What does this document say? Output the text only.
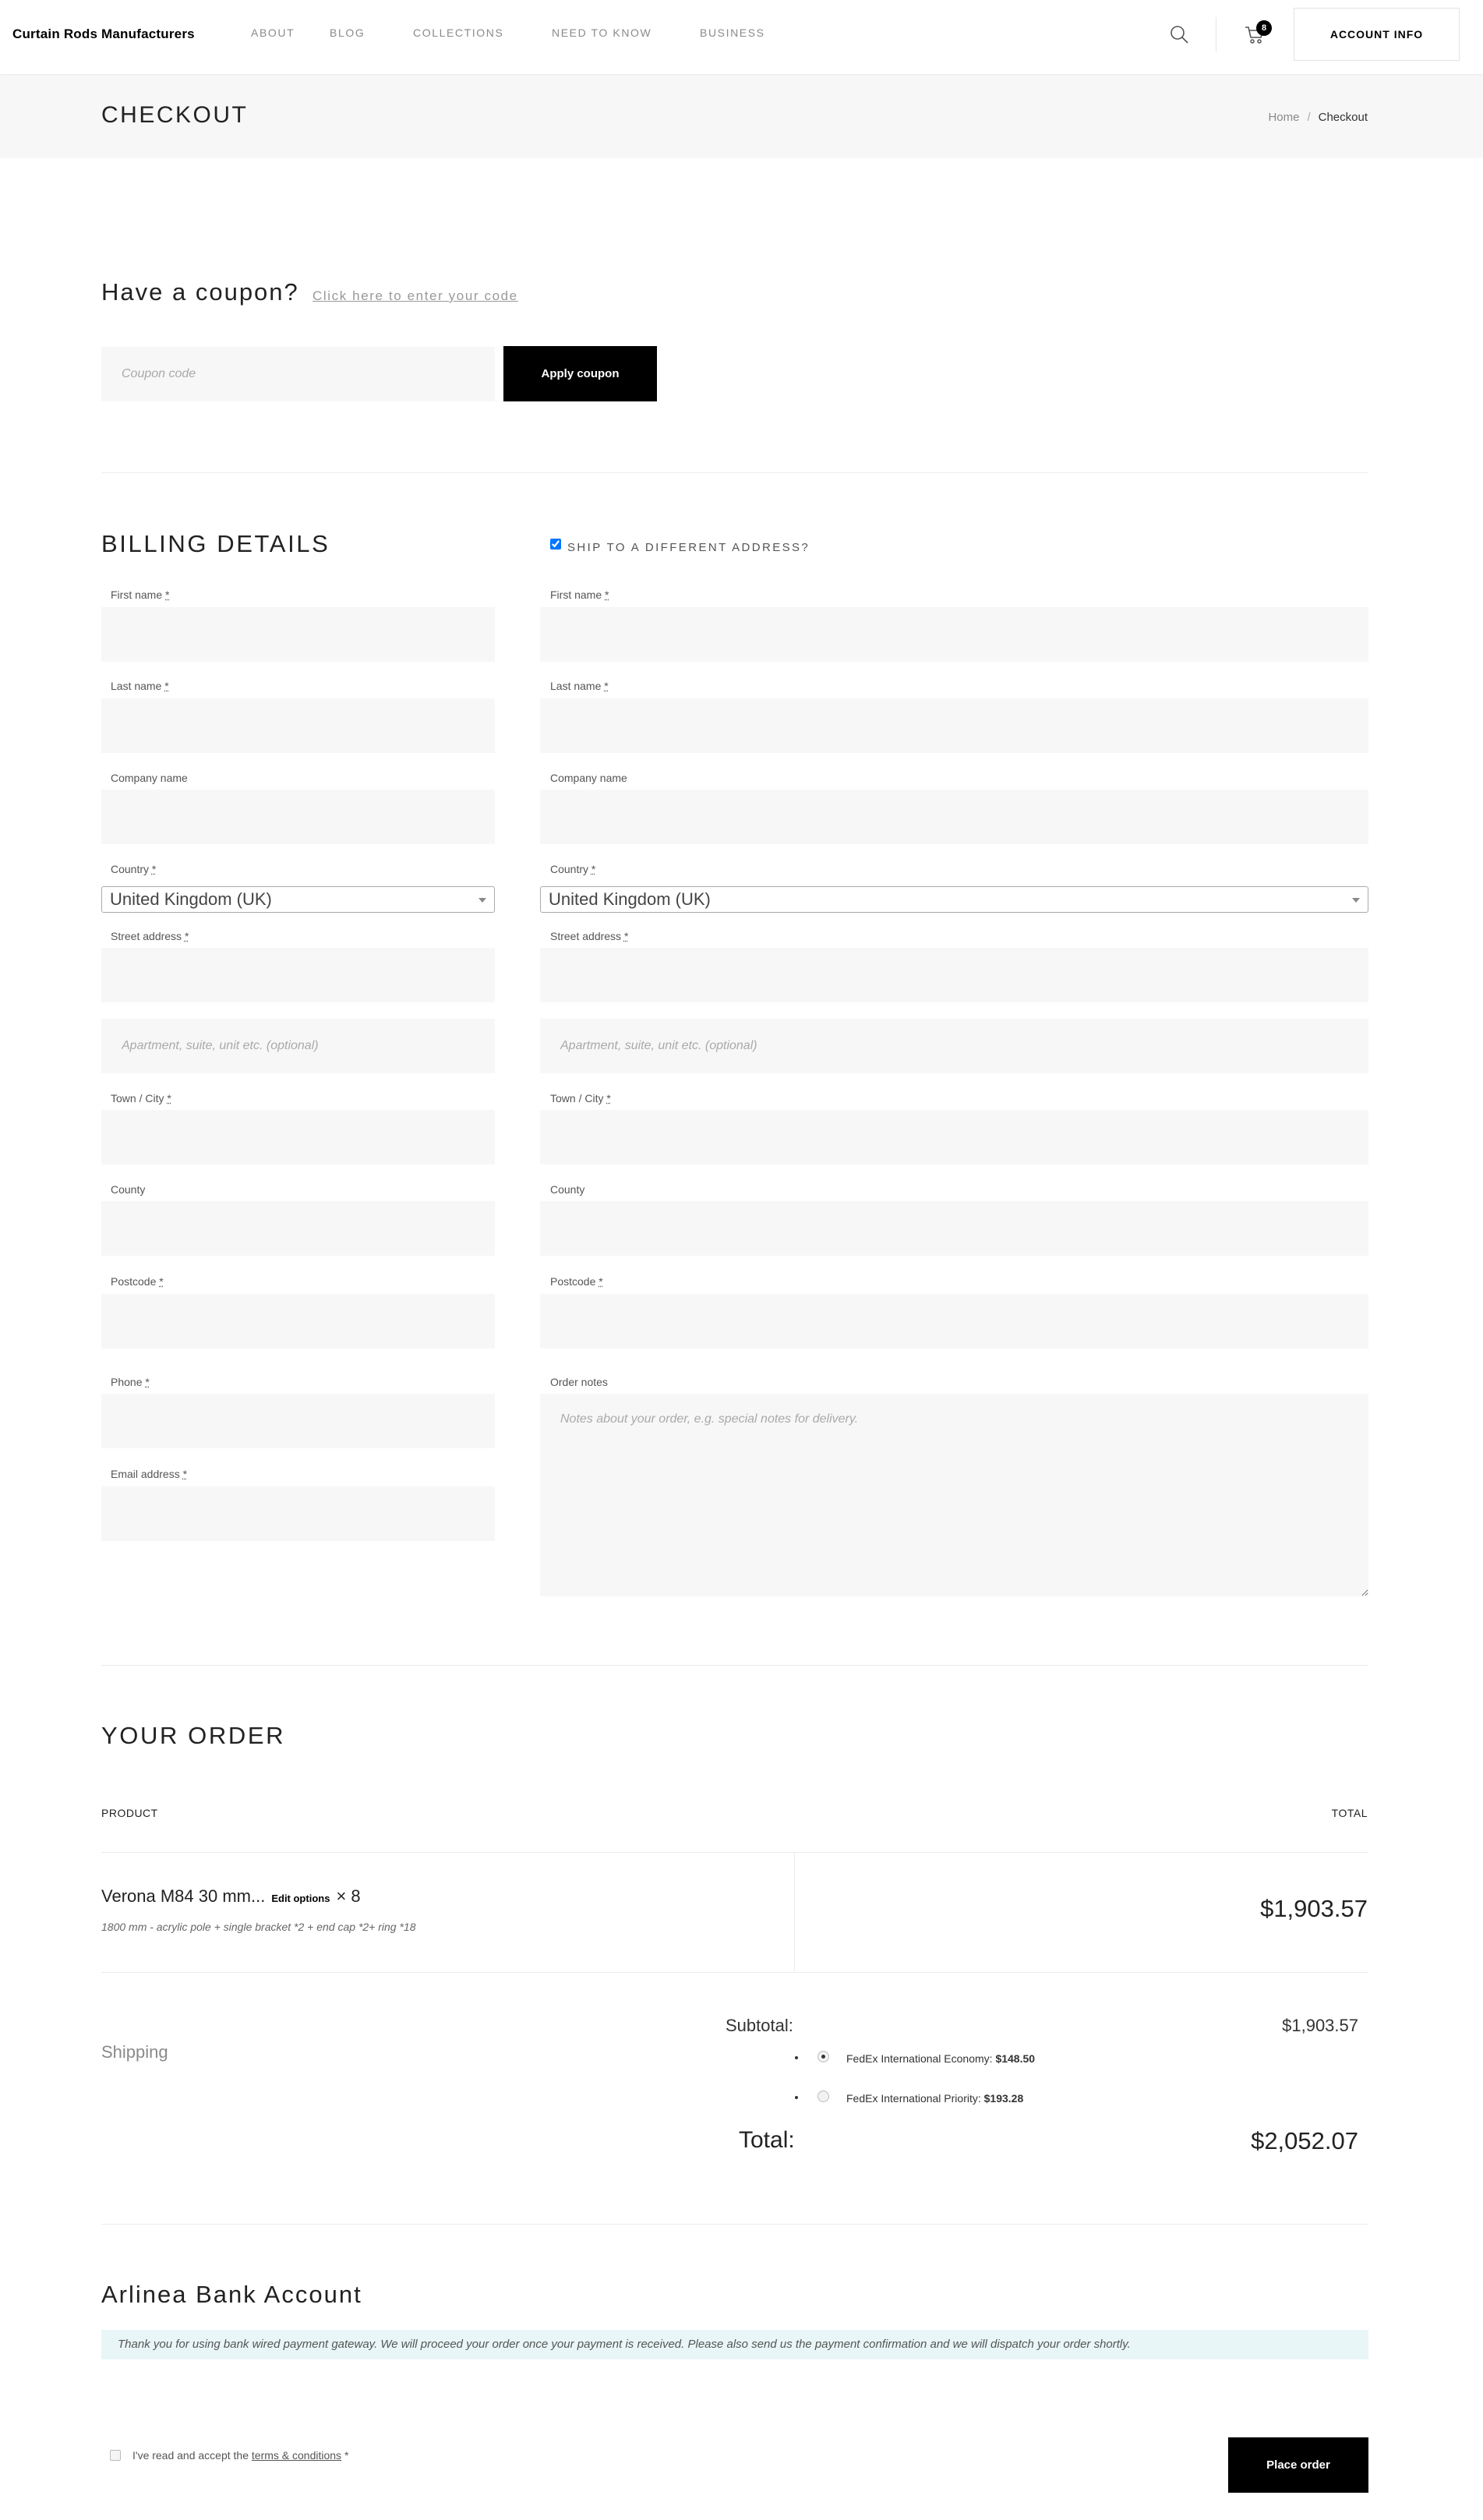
Curtain Rods Manufacturers	ABOUT	BLOG	COLLECTIONS	NEED TO KNOW	BUSINESS	8	ACCOUNT INFO
CHECKOUT	Home / Checkout
Have a coupon? Click here to enter your code
Coupon code
Apply coupon
BILLING DETAILS	SHIP TO A DIFFERENT ADDRESS?
First name *
Last name *
Company name
Country *
United Kingdom (UK)
Street address *
Apartment, suite, unit etc. (optional)
Town / City *
County
Postcode *
Phone *
Email address *
First name *
Last name *
Company name
Country *
United Kingdom (UK)
Street address *
Apartment, suite, unit etc. (optional)
Town / City *
County
Postcode *
Order notes
Notes about your order, e.g. special notes for delivery.
YOUR ORDER
PRODUCT	TOTAL
Verona M84 30 mm... Edit options × 8
1800 mm - acrylic pole + single bracket *2 + end cap *2+ ring *18
$1,903.57
Shipping
Subtotal:	$1,903.57
FedEx International Economy: $148.50
FedEx International Priority: $193.28
Total:	$2,052.07
Arlinea Bank Account
Thank you for using bank wired payment gateway. We will proceed your order once your payment is received. Please also send us the payment confirmation and we will dispatch your order shortly.
I've read and accept the terms & conditions *
Place order
